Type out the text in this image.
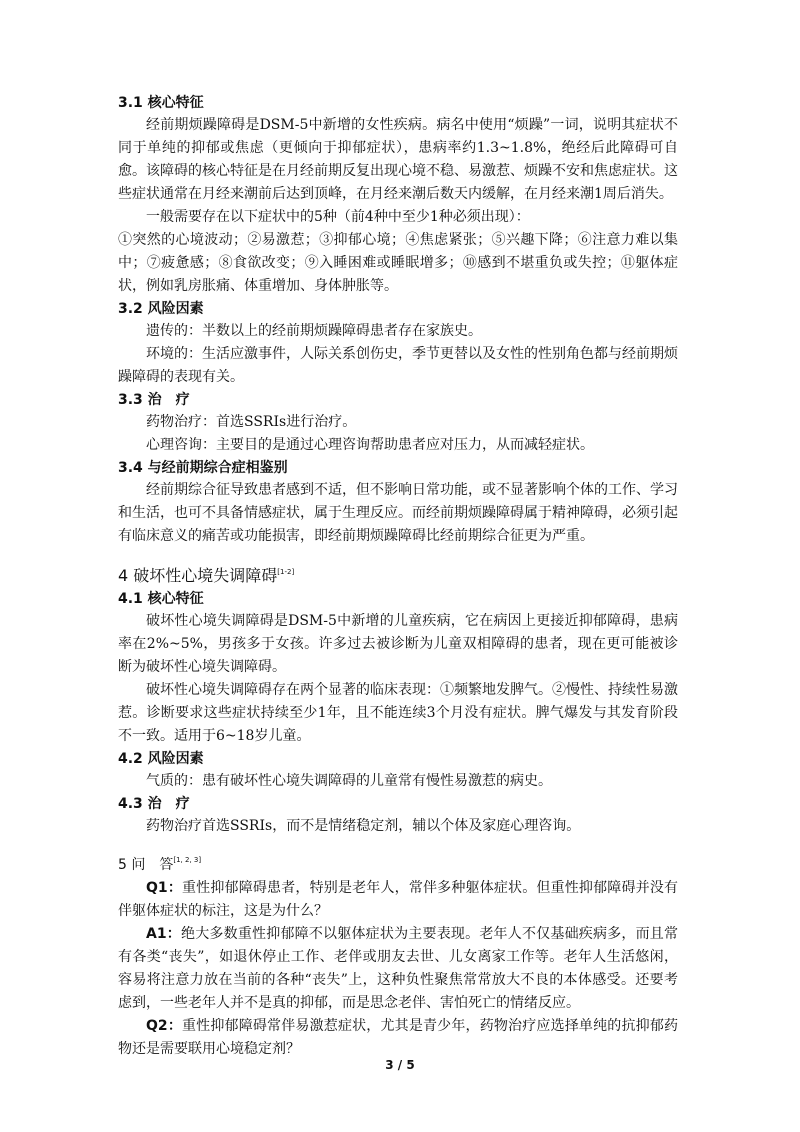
3.1 核心特征

经前期烦躁障碍是DSM-5中新增的女性疾病。病名中使用“烦躁”一词，说明其症状不同于单纯的抑郁或焦虑（更倾向于抑郁症状），患病率约1.3~1.8%，绝经后此障碍可自愈。该障碍的核心特征是在月经前期反复出现心境不稳、易激惹、烦躁不安和焦虑症状。这些症状通常在月经来潮前后达到顶峰，在月经来潮后数天内缓解，在月经来潮1周后消失。

一般需要存在以下症状中的5种（前4种中至少1种必须出现）：

①突然的心境波动；②易激惹；③抑郁心境；④焦虑紧张；⑤兴趣下降；⑥注意力难以集中；⑦疲惫感；⑧食欲改变；⑨入睡困难或睡眠增多；⑩感到不堪重负或失控；⑪躯体症状，例如乳房胀痛、体重增加、身体肿胀等。

3.2 风险因素

遗传的：半数以上的经前期烦躁障碍患者存在家族史。

环境的：生活应激事件，人际关系创伤史，季节更替以及女性的性别角色都与经前期烦躁障碍的表现有关。

3.3 治　疗

药物治疗：首选SSRIs进行治疗。

心理咨询：主要目的是通过心理咨询帮助患者应对压力，从而减轻症状。

3.4 与经前期综合症相鉴别

经前期综合征导致患者感到不适，但不影响日常功能，或不显著影响个体的工作、学习和生活，也可不具备情感症状，属于生理反应。而经前期烦躁障碍属于精神障碍，必须引起有临床意义的痛苦或功能损害，即经前期烦躁障碍比经前期综合征更为严重。

4 破坏性心境失调障碍[1-2]

4.1 核心特征

破坏性心境失调障碍是DSM-5中新增的儿童疾病，它在病因上更接近抑郁障碍，患病率在2%~5%，男孩多于女孩。许多过去被诊断为儿童双相障碍的患者，现在更可能被诊断为破坏性心境失调障碍。

破坏性心境失调障碍存在两个显著的临床表现：①频繁地发脾气。②慢性、持续性易激惹。诊断要求这些症状持续至少1年，且不能连续3个月没有症状。脾气爆发与其发育阶段不一致。适用于6~18岁儿童。

4.2 风险因素

气质的：患有破坏性心境失调障碍的儿童常有慢性易激惹的病史。

4.3 治　疗

药物治疗首选SSRIs，而不是情绪稳定剂，辅以个体及家庭心理咨询。

5 问　答[1, 2, 3]

Q1：重性抑郁障碍患者，特别是老年人，常伴多种躯体症状。但重性抑郁障碍并没有伴躯体症状的标注，这是为什么？

A1：绝大多数重性抑郁障不以躯体症状为主要表现。老年人不仅基础疾病多，而且常有各类“丧失”，如退休停止工作、老伴或朋友去世、儿女离家工作等。老年人生活悠闲，容易将注意力放在当前的各种“丧失”上，这种负性聚焦常常放大不良的本体感受。还要考虑到，一些老年人并不是真的抑郁，而是思念老伴、害怕死亡的情绪反应。

Q2：重性抑郁障碍常伴易激惹症状，尤其是青少年，药物治疗应选择单纯的抗抑郁药物还是需要联用心境稳定剂？

3 / 5
